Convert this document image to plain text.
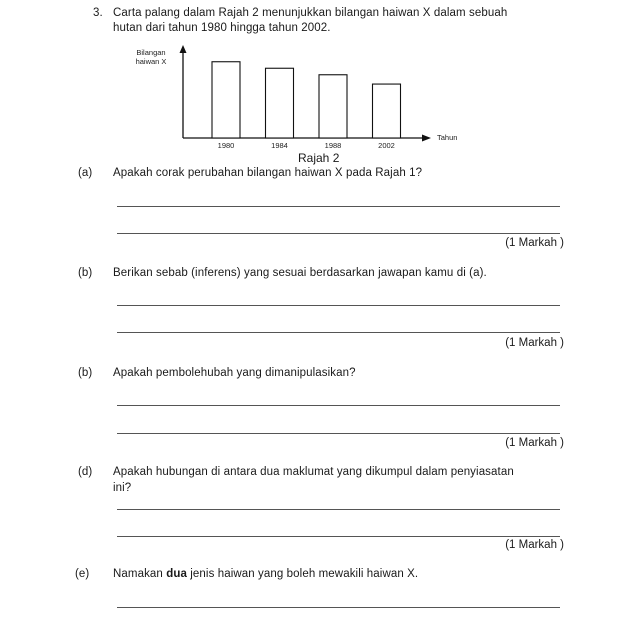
3. Carta palang dalam Rajah 2 menunjukkan bilangan haiwan X dalam sebuah
hutan dari tahun 1980 hingga tahun 2002.
Bilangan
haiwan X
Tahun
1980	1984	1988	2002
Rajah 2
(a) Apakah corak perubahan bilangan haiwan X pada Rajah 1?
(1 Markah )
(b) Berikan sebab (inferens) yang sesuai berdasarkan jawapan kamu di (a).
(1 Markah )
(b) Apakah pembolehubah yang dimanipulasikan?
(1 Markah )
(d) Apakah hubungan di antara dua maklumat yang dikumpul dalam penyiasatan
ini?
(1 Markah )
(e) Namakan dua jenis haiwan yang boleh mewakili haiwan X.
